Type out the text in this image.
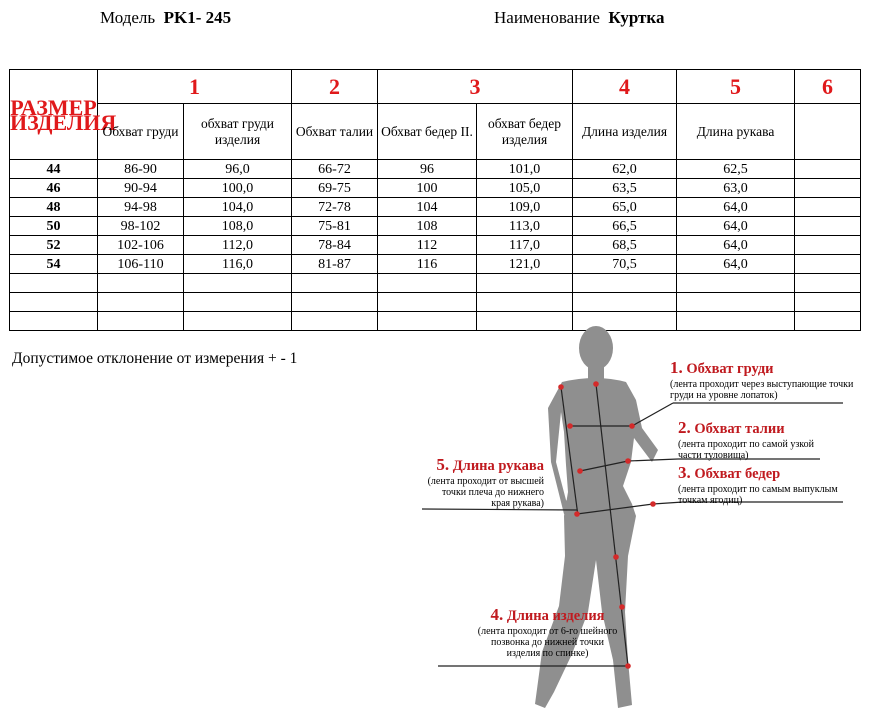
Модель PK1- 245	Наименование Куртка
РАЗМЕР ИЗДЕЛИЯ	1		2	3		4	5	6
	Обхват груди	обхват груди изделия	Обхват талии	Обхват бедер II.	обхват бедер изделия	Длина изделия	Длина рукава	
44	86-90	96,0	66-72	96	101,0	62,0	62,5	
46	90-94	100,0	69-75	100	105,0	63,5	63,0	
48	94-98	104,0	72-78	104	109,0	65,0	64,0	
50	98-102	108,0	75-81	108	113,0	66,5	64,0	
52	102-106	112,0	78-84	112	117,0	68,5	64,0	
54	106-110	116,0	81-87	116	121,0	70,5	64,0	

Допустимое отклонение от измерения + - 1	1. Обхват груди
(лента проходит через выступающие точки груди на уровне лопаток)
2. Обхват талии
(лента проходит по самой узкой части туловища)
3. Обхват бедер
(лента проходит по самым выпуклым точкам ягодиц)
5. Длина рукава
(лента проходит от высшей точки плеча до нижнего края рукава)
4. Длина изделия
(лента проходит от 6-го шейного позвонка до нижней точки изделия по спинке)
